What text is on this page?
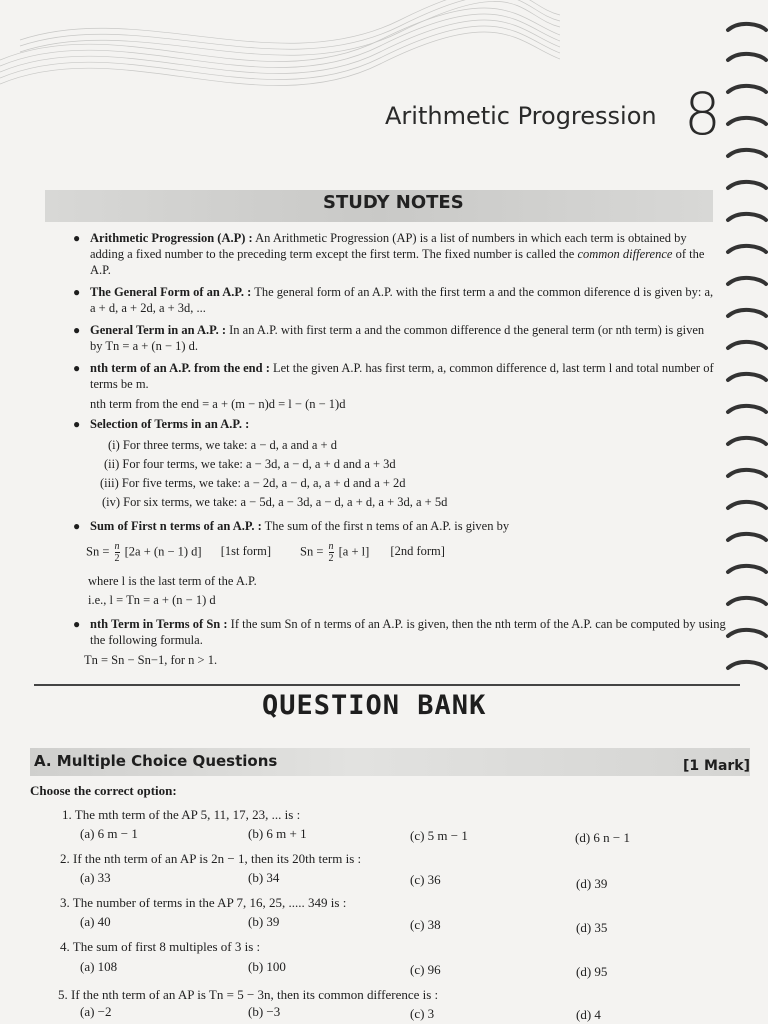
Arithmetic Progression 8
STUDY NOTES
● Arithmetic Progression (A.P) : An Arithmetic Progression (AP) is a list of numbers in which each term is obtained by adding a fixed number to the preceding term except the first term. The fixed number is called the common difference of the A.P.
● The General Form of an A.P. : The general form of an A.P. with the first term a and the common diference d is given by: a, a + d, a + 2d, a + 3d, ...
● General Term in an A.P. : In an A.P. with first term a and the common difference d the general term (or nth term) is given by Tn = a + (n − 1) d.
● nth term of an A.P. from the end : Let the given A.P. has first term, a, common difference d, last term l and total number of terms be m.
nth term from the end = a + (m − n)d = l − (n − 1)d
● Selection of Terms in an A.P. :
(i) For three terms, we take: a − d, a and a + d
(ii) For four terms, we take: a − 3d, a − d, a + d and a + 3d
(iii) For five terms, we take: a − 2d, a − d, a, a + d and a + 2d
(iv) For six terms, we take: a − 5d, a − 3d, a − d, a + d, a + 3d, a + 5d
● Sum of First n terms of an A.P. : The sum of the first n tems of an A.P. is given by
$Sn = \frac{n}{2} [2a + (n - 1)$ d] [1st form] $Sn = \frac{n}{2} [a + l]$ [2nd form]
where l is the last term of the A.P.
i.e., l = Tn = a + (n − 1) d
● nth Term in Terms of Sn : If the sum Sn of n terms of an A.P. is given, then the nth term of the A.P. can be computed by using the following formula.
Tn = Sn − Sn−1, for n > 1.
QUESTION BANK
A. Multiple Choice Questions	[1 Mark]
Choose the correct option:
1. The mth term of the AP 5, 11, 17, 23, ... is :
(a) 6 m − 1	(b) 6 m + 1	(c) 5 m − 1	(d) 6 n − 1
2. If the nth term of an AP is 2n − 1, then its 20th term is :
(a) 33	(b) 34	(c) 36	(d) 39
3. The number of terms in the AP 7, 16, 25, ..... 349 is :
(a) 40	(b) 39	(c) 38	(d) 35
4. The sum of first 8 multiples of 3 is :
(a) 108	(b) 100	(c) 96	(d) 95
5. If the nth term of an AP is Tn = 5 − 3n, then its common difference is :
(a) −2	(b) −3	(c) 3	(d) 4
